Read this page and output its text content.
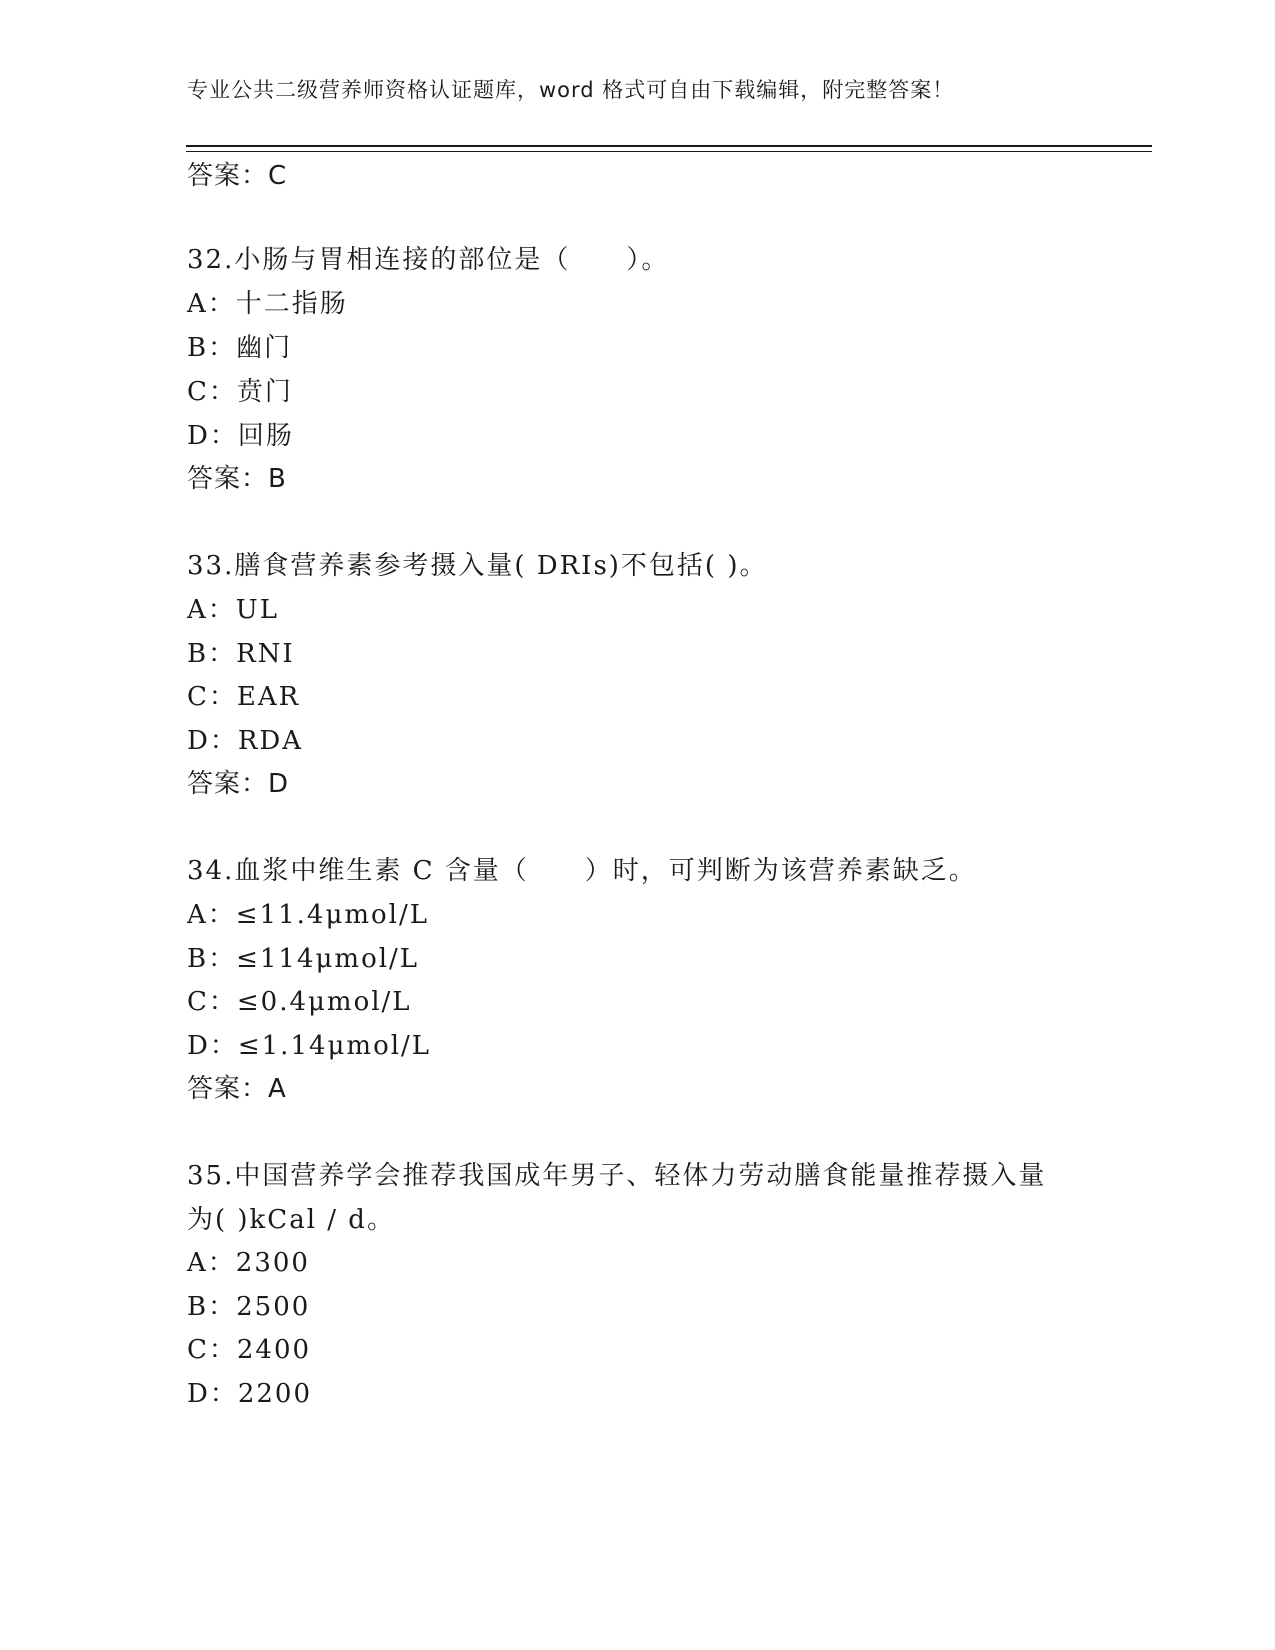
专业公共二级营养师资格认证题库，word 格式可自由下载编辑，附完整答案！
答案：C
32.小肠与胃相连接的部位是（　　）。
A：十二指肠
B：幽门
C：贲门
D：回肠
答案：B
33.膳食营养素参考摄入量( DRIs)不包括( )。
A：UL
B：RNI
C：EAR
D：RDA
答案：D
34.血浆中维生素 C 含量（　　）时，可判断为该营养素缺乏。
A：≤11.4μmol/L
B：≤114μmol/L
C：≤0.4μmol/L
D：≤1.14μmol/L
答案：A
35.中国营养学会推荐我国成年男子、轻体力劳动膳食能量推荐摄入量
为( )kCal / d。
A：2300
B：2500
C：2400
D：2200
